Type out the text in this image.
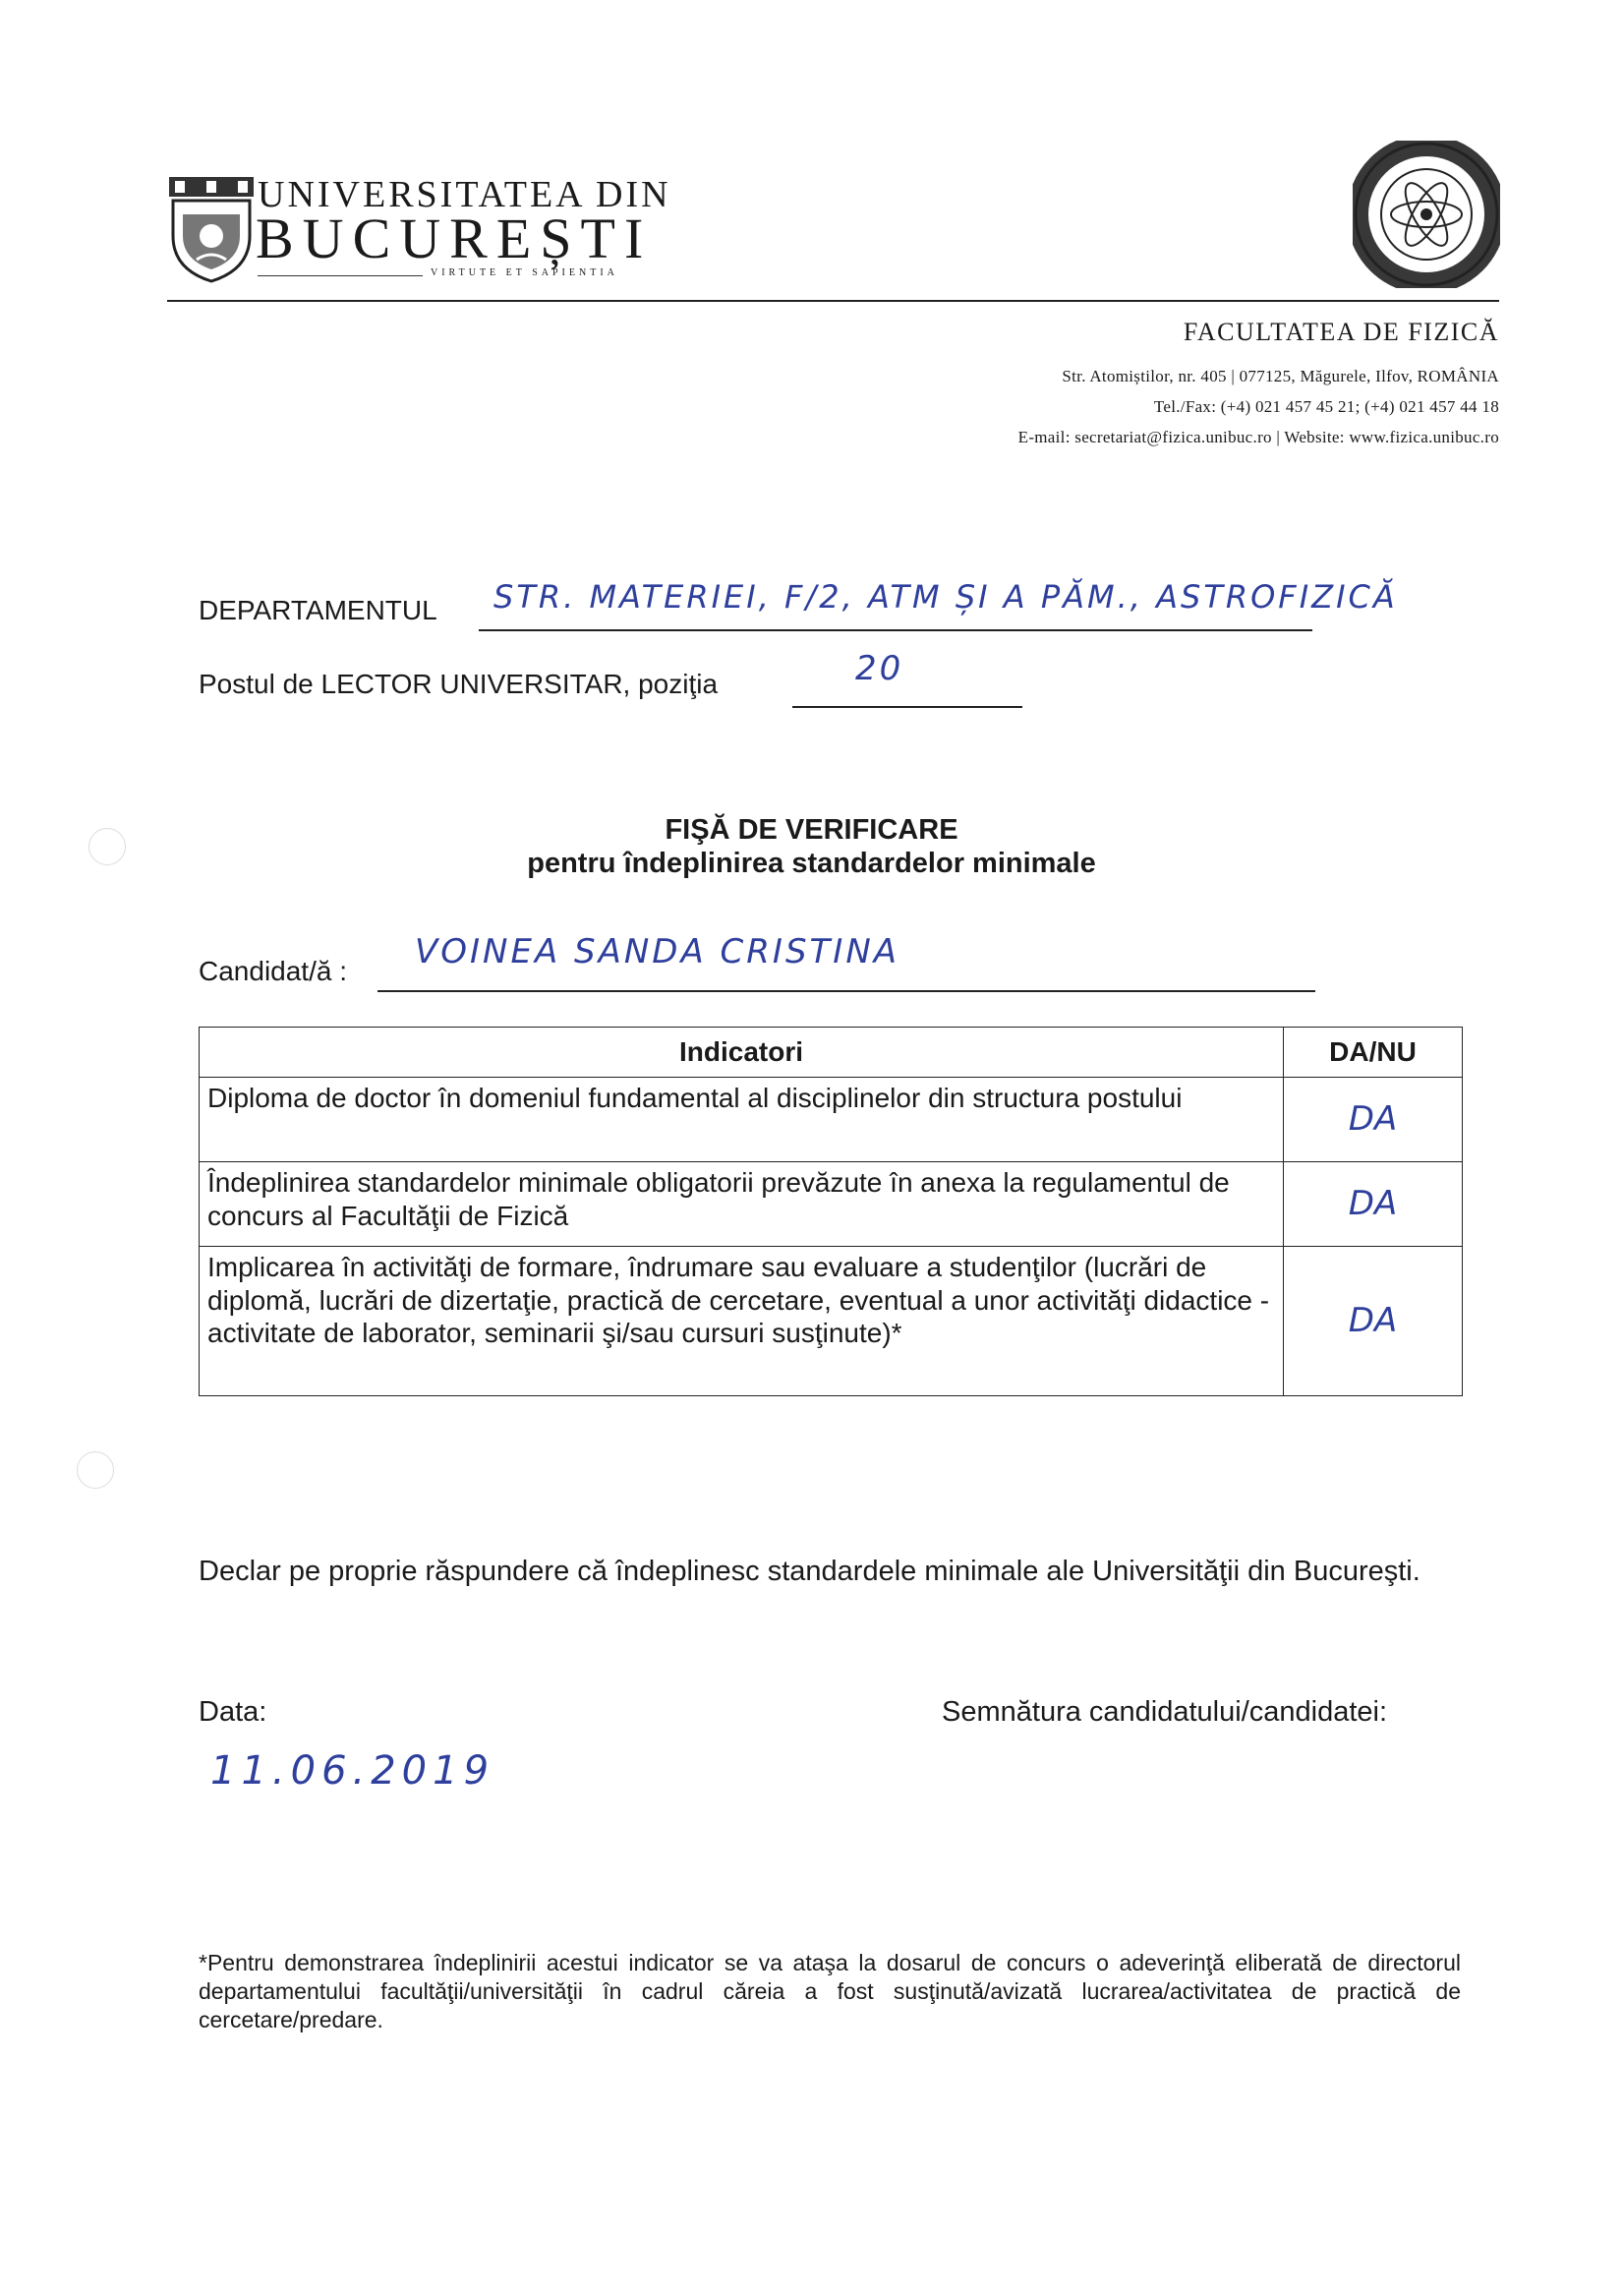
UNIVERSITATEA DIN
BUCUREȘTI
VIRTUTE ET SAPIENTIA
FACULTATEA DE FIZICĂ
Str. Atomiștilor, nr. 405 | 077125, Măgurele, Ilfov, ROMÂNIA
Tel./Fax: (+4) 021 457 45 21; (+4) 021 457 44 18
E-mail: secretariat@fizica.unibuc.ro | Website: www.fizica.unibuc.ro
DEPARTAMENTUL STR. MATERIEI, F/2, ATM ȘI A PĂM., ASTROFIZICĂ
Postul de LECTOR UNIVERSITAR, poziţia	20
FIŞĂ DE VERIFICARE
pentru îndeplinirea standardelor minimale
Candidat/ă : VOINEA SANDA CRISTINA
Indicatori	DA/NU
Diploma de doctor în domeniul fundamental al disciplinelor din structura postului	DA
Îndeplinirea standardelor minimale obligatorii prevăzute în anexa la regulamentul de concurs al Facultăţii de Fizică	DA
Implicarea în activităţi de formare, îndrumare sau evaluare a studenţilor (lucrări de diplomă, lucrări de dizertaţie, practică de cercetare, eventual a unor activităţi didactice - activitate de laborator, seminarii şi/sau cursuri susţinute)*	DA
Declar pe proprie răspundere că îndeplinesc standardele minimale ale Universităţii din Bucureşti.
Data:
11.06.2019
Semnătura candidatului/candidatei:
*Pentru demonstrarea îndeplinirii acestui indicator se va ataşa la dosarul de concurs o adeverinţă eliberată de directorul departamentului facultăţii/universităţii în cadrul căreia a fost susţinută/avizată lucrarea/activitatea de practică de cercetare/predare.
